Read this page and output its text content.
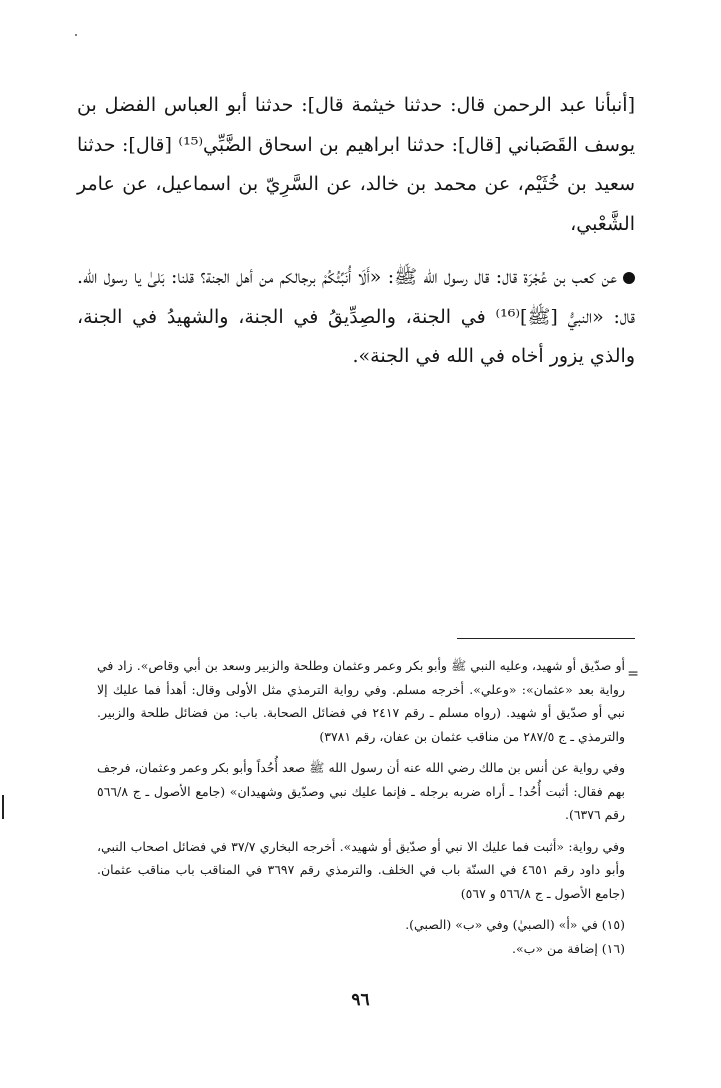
[أنبأنا عبد الرحمن قال: حدثنا خيثمة قال]: حدثنا أبو العباس الفضل بن يوسف القَصَباني [قال]: حدثنا ابراهيم بن اسحاق الضَّبِّي⁽¹⁵⁾ [قال]: حدثنا سعيد بن خُثَيْم، عن محمد بن خالد، عن السَّرِيّ بن اسماعيل، عن عامر الشَّعْبي،

عن كعب بن عُجْرَة قال: قال رسول الله ﷺ: «أَلَا أُنَبِّئُكُمْ برجالكم من أهل الجنة؟ قلنا: بَلىٰ يا رسول الله. قال: «النبيُّ [ﷺ]⁽¹⁶⁾ في الجنة، والصِدِّيقُ في الجنة، والشهيدُ في الجنة، والذي يزور أخاه في الله في الجنة».

=

أو صدّيق أو شهيد، وعليه النبي ﷺ وأبو بكر وعمر وعثمان وطلحة والزبير وسعد بن أبي وقاص». زاد في رواية بعد «عثمان»: «وعلي». أخرجه مسلم. وفي رواية الترمذي مثل الأولى وقال: أهدأ فما عليك إلا نبي أو صدّيق أو شهيد. (رواه مسلم ـ رقم ٢٤١٧ في فضائل الصحابة. باب: من فضائل طلحة والزبير. والترمذي ـ ج ٢٨٧/٥ من مناقب عثمان بن عفان، رقم ٣٧٨١)

وفي رواية عن أنس بن مالك رضي الله عنه أن رسول الله ﷺ صعد أُحُداً وأبو بكر وعمر وعثمان، فرجف بهم فقال: أثبت أُحُد! ـ أراه ضربه برجله ـ فإنما عليك نبي وصدّيق وشهيدان» (جامع الأصول ـ ج ٥٦٦/٨ رقم ٦٣٧٦).

وفي رواية: «أثبت فما عليك الا نبي أو صدّيق أو شهيد». أخرجه البخاري ٣٧/٧ في فضائل اصحاب النبي، وأبو داود رقم ٤٦٥١ في السنّة باب في الخلف. والترمذي رقم ٣٦٩٧ في المناقب باب مناقب عثمان. (جامع الأصول ـ ج ٥٦٦/٨ و ٥٦٧)

(١٥) في «أ» (الصبيٰ) وفي «ب» (الصبي).

(١٦) إضافة من «ب».

٩٦
